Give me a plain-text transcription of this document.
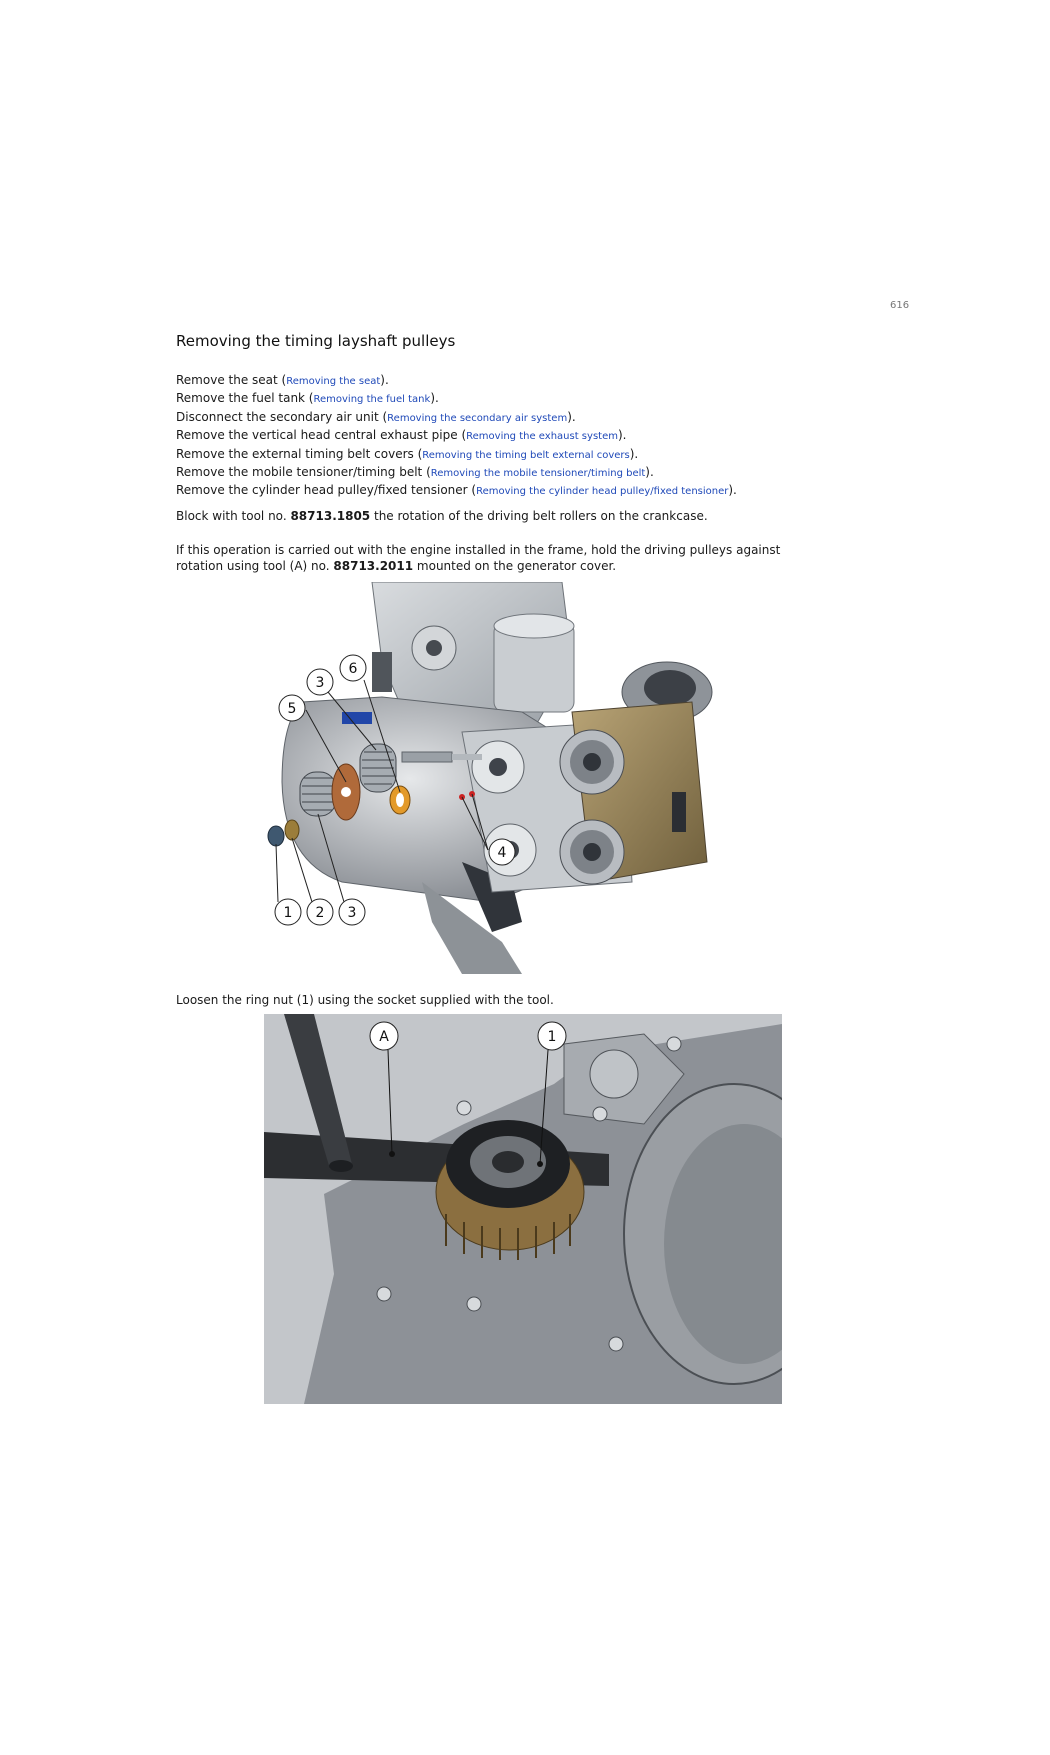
616
Removing the timing layshaft pulleys
Remove the seat (Removing the seat).
Remove the fuel tank (Removing the fuel tank).
Disconnect the secondary air unit (Removing the secondary air system).
Remove the vertical head central exhaust pipe (Removing the exhaust system).
Remove the external timing belt covers (Removing the timing belt external covers).
Remove the mobile tensioner/timing belt (Removing the mobile tensioner/timing belt).
Remove the cylinder head pulley/fixed tensioner (Removing the cylinder head pulley/fixed tensioner).
Block with tool no. 88713.1805 the rotation of the driving belt rollers on the crankcase.
If this operation is carried out with the engine installed in the frame, hold the driving pulleys against
rotation using tool (A) no. 88713.2011 mounted on the generator cover.
5
3
6
4
1 2 3
Loosen the ring nut (1) using the socket supplied with the tool.
A	1
